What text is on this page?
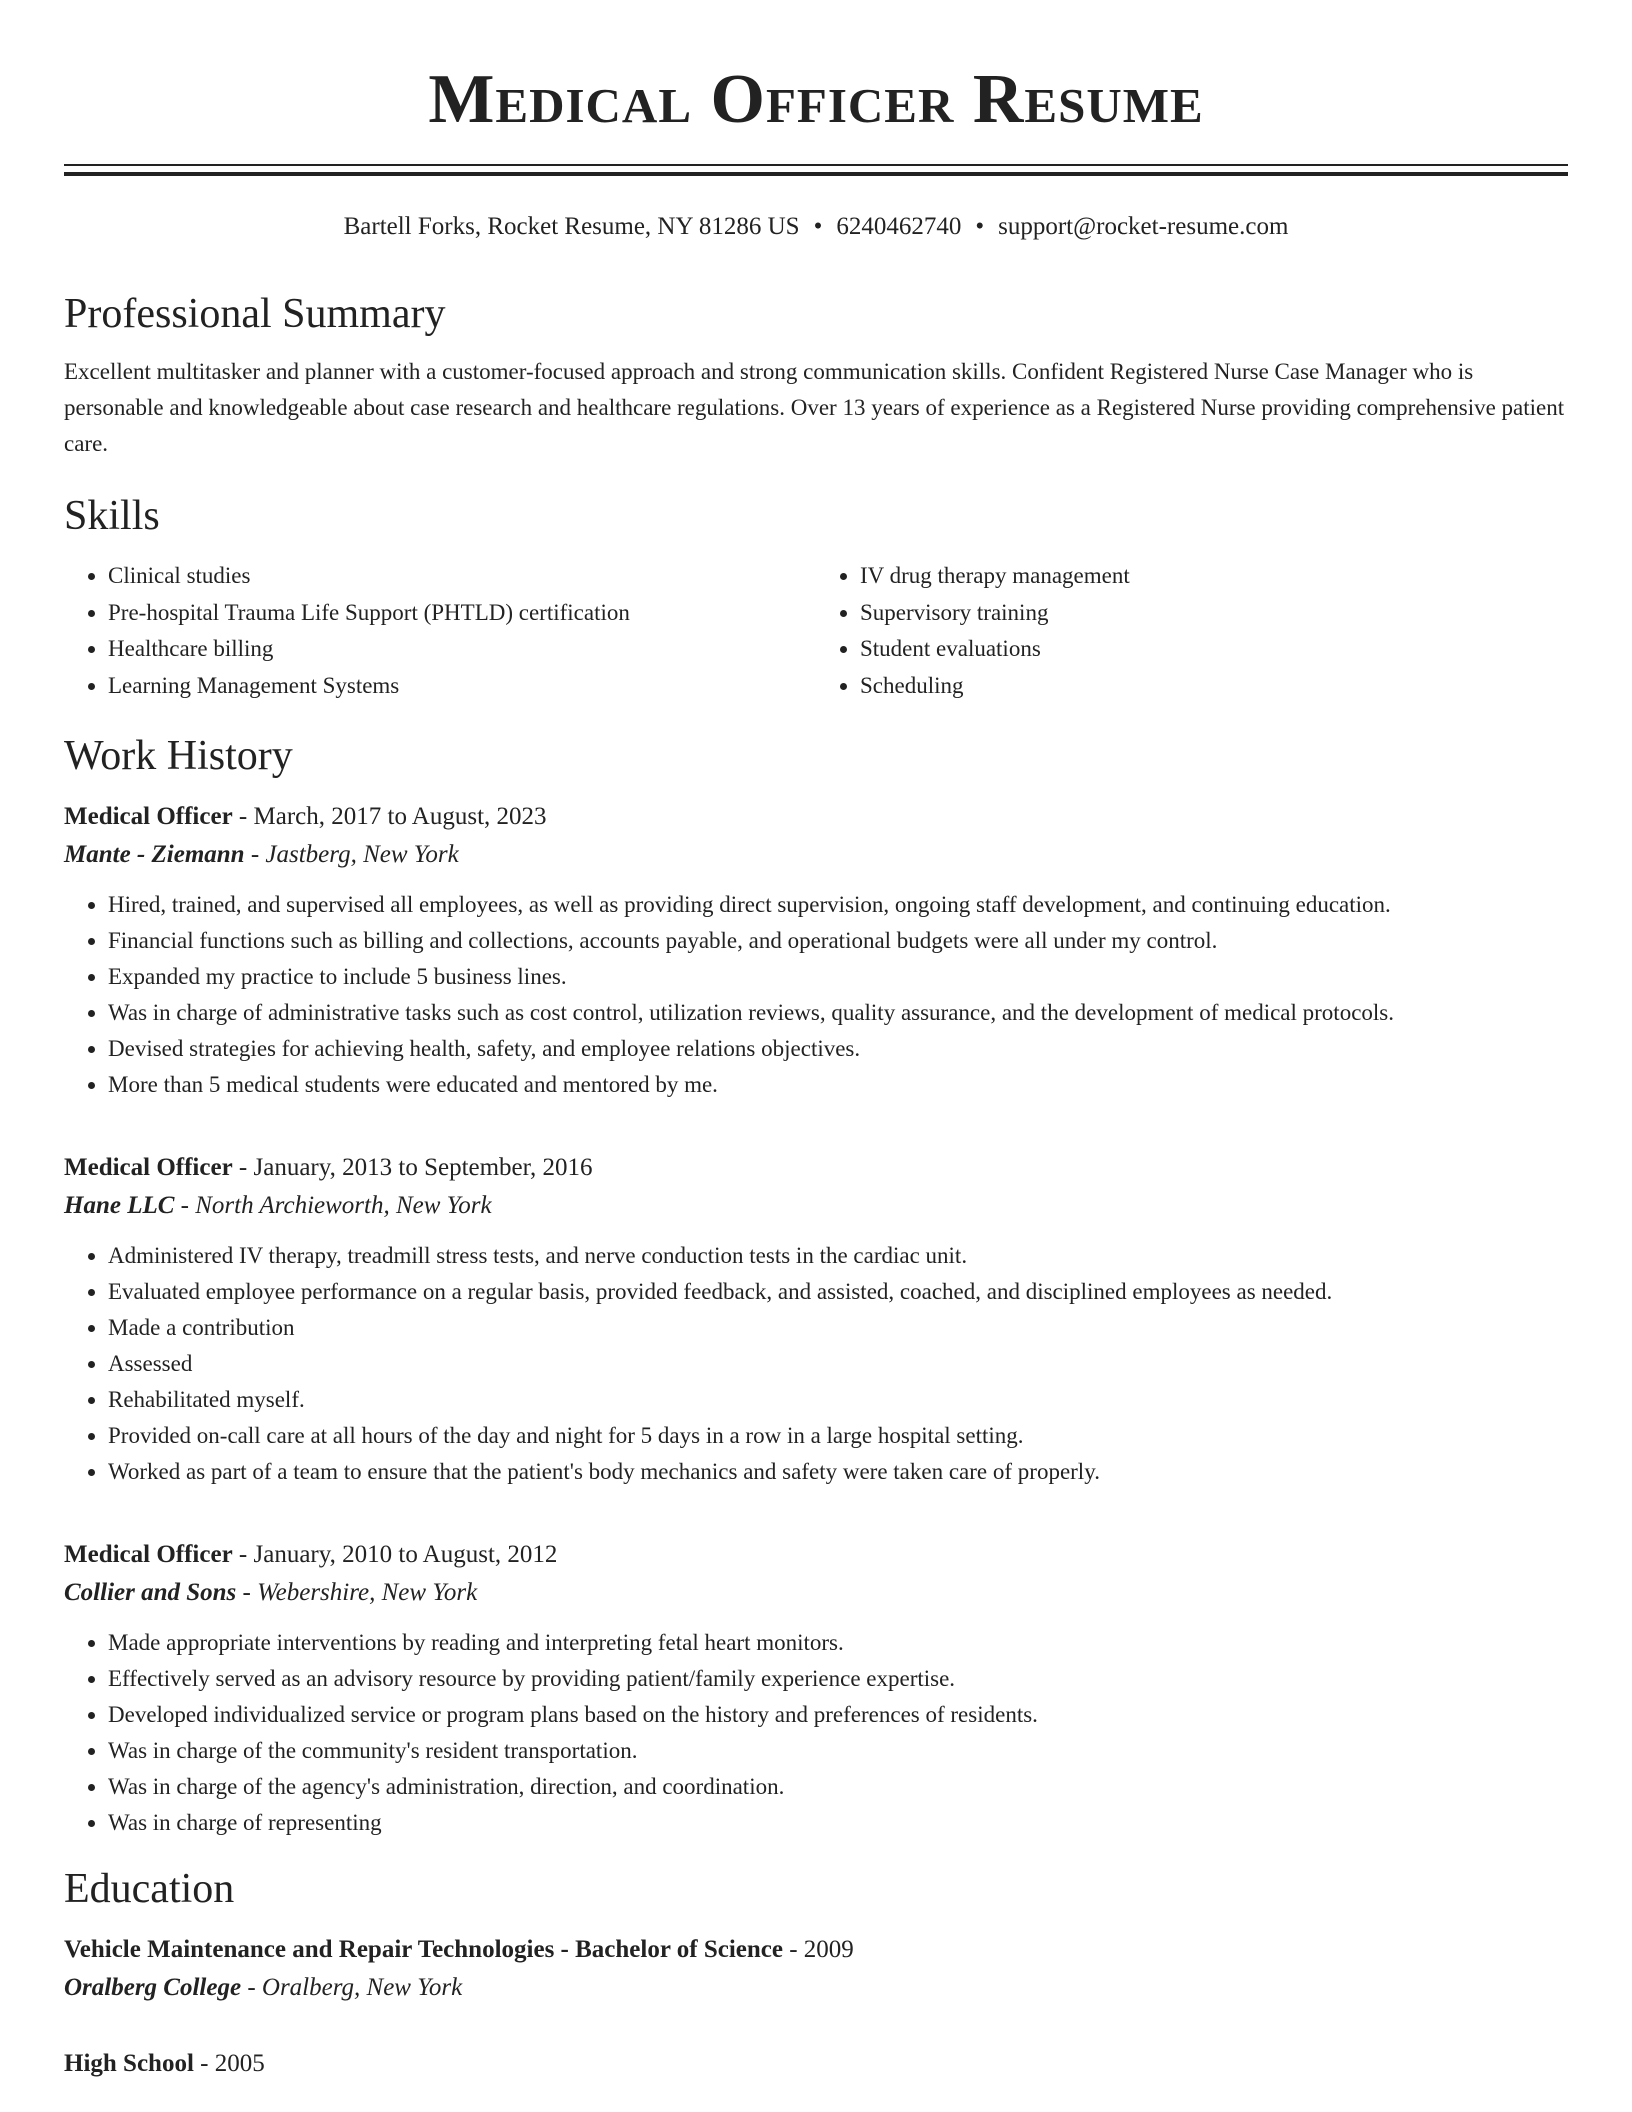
Medical Officer Resume
Bartell Forks, Rocket Resume, NY 81286 US • 6240462740 • support@rocket-resume.com
Professional Summary

Excellent multitasker and planner with a customer-focused approach and strong communication skills. Confident Registered Nurse Case Manager who is personable and knowledgeable about case research and healthcare regulations. Over 13 years of experience as a Registered Nurse providing comprehensive patient care.

Skills
• Clinical studies
• Pre-hospital Trauma Life Support (PHTLD) certification
• Healthcare billing
• Learning Management Systems
• IV drug therapy management
• Supervisory training
• Student evaluations
• Scheduling
Work History
Medical Officer - March, 2017 to August, 2023
Mante - Ziemann - Jastberg, New York
• Hired, trained, and supervised all employees, as well as providing direct supervision, ongoing staff development, and continuing education.
• Financial functions such as billing and collections, accounts payable, and operational budgets were all under my control.
• Expanded my practice to include 5 business lines.
• Was in charge of administrative tasks such as cost control, utilization reviews, quality assurance, and the development of medical protocols.
• Devised strategies for achieving health, safety, and employee relations objectives.
• More than 5 medical students were educated and mentored by me.
Medical Officer - January, 2013 to September, 2016
Hane LLC - North Archieworth, New York
• Administered IV therapy, treadmill stress tests, and nerve conduction tests in the cardiac unit.
• Evaluated employee performance on a regular basis, provided feedback, and assisted, coached, and disciplined employees as needed.
• Made a contribution
• Assessed
• Rehabilitated myself.
• Provided on-call care at all hours of the day and night for 5 days in a row in a large hospital setting.
• Worked as part of a team to ensure that the patient's body mechanics and safety were taken care of properly.
Medical Officer - January, 2010 to August, 2012
Collier and Sons - Webershire, New York
• Made appropriate interventions by reading and interpreting fetal heart monitors.
• Effectively served as an advisory resource by providing patient/family experience expertise.
• Developed individualized service or program plans based on the history and preferences of residents.
• Was in charge of the community's resident transportation.
• Was in charge of the agency's administration, direction, and coordination.
• Was in charge of representing
Education
Vehicle Maintenance and Repair Technologies - Bachelor of Science - 2009
Oralberg College - Oralberg, New York
High School - 2005
